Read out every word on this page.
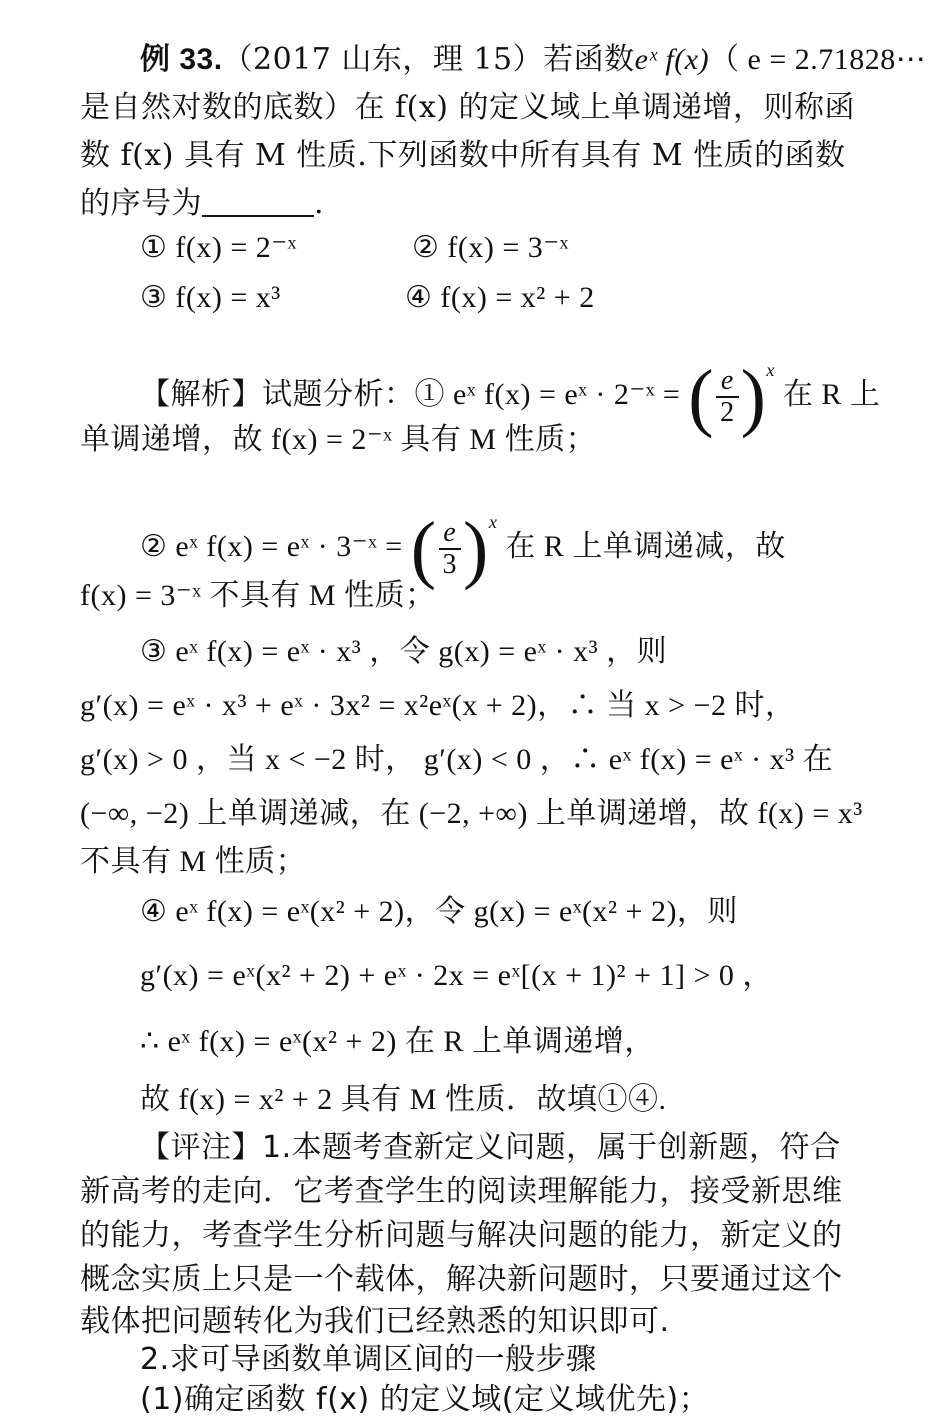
例 33.（2017 山东，理 15）若函数eˣ f(x)（ e = 2.71828⋯
是自然对数的底数）在 f(x) 的定义域上单调递增，则称函
数 f(x) 具有 M 性质.下列函数中所有具有 M 性质的函数
的序号为	.
① f(x) = 2⁻ˣ	② f(x) = 3⁻ˣ
③ f(x) = x³	④ f(x) = x² + 2
【解析】试题分析：① eˣ f(x) = eˣ · 2⁻ˣ = ( $\frac{e}{2} )^x$ 在 R 上
单调递增，故 f(x) = 2⁻ˣ 具有 M 性质；
② eˣ f(x) = eˣ · 3⁻ˣ = ( $\frac{e}{3} )^x$ 在 R 上单调递减，故
f(x) = 3⁻ˣ 不具有 M 性质；
③ eˣ f(x) = eˣ · x³ ，令 g(x) = eˣ · x³ ，则
g′(x) = eˣ · x³ + eˣ · 3x² = x²eˣ(x + 2)，∴ 当 x > −2 时，
g′(x) > 0 ，当 x < −2 时， g′(x) < 0 ，∴ eˣ f(x) = eˣ · x³ 在
(−∞, −2) 上单调递减，在 (−2, +∞) 上单调递增，故 f(x) = x³
不具有 M 性质；
④ eˣ f(x) = eˣ(x² + 2)，令 g(x) = eˣ(x² + 2)，则
g′(x) = eˣ(x² + 2) + eˣ · 2x = eˣ[(x + 1)² + 1] > 0 ，
∴ eˣ f(x) = eˣ(x² + 2) 在 R 上单调递增，
故 f(x) = x² + 2 具有 M 性质．故填①④.
【评注】1.本题考查新定义问题，属于创新题，符合
新高考的走向．它考查学生的阅读理解能力，接受新思维
的能力，考查学生分析问题与解决问题的能力，新定义的
概念实质上只是一个载体，解决新问题时，只要通过这个
载体把问题转化为我们已经熟悉的知识即可.
2.求可导函数单调区间的一般步骤
(1)确定函数 f(x) 的定义域(定义域优先)；
